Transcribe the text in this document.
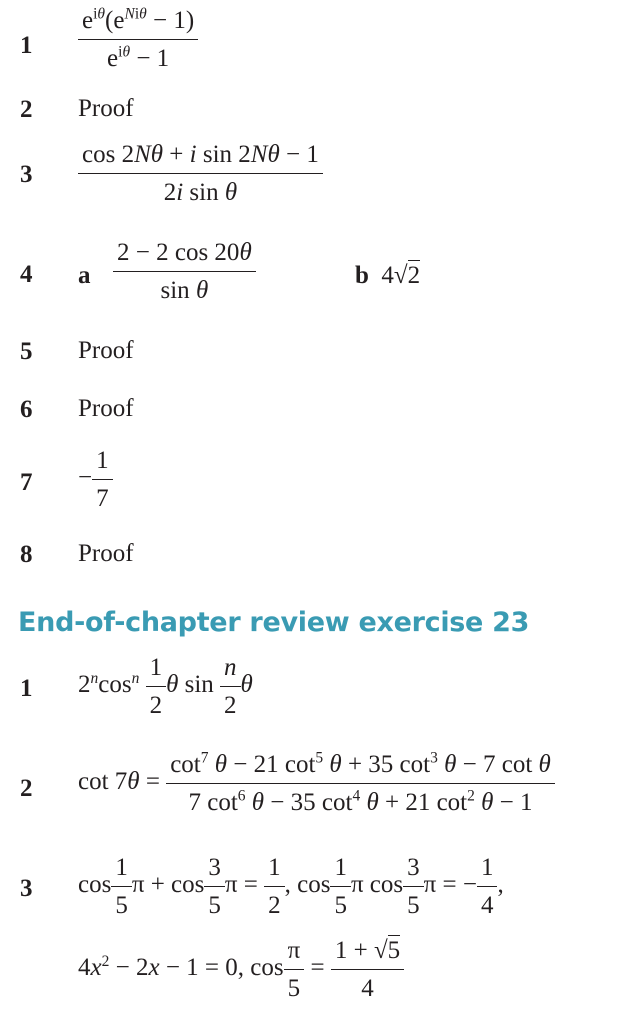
1	$\frac{e^{i\theta}(e^{Ni\theta} - 1)}{e^{i\theta} - 1}$
2	Proof
3	$\frac{\text{cos 2Nθ + i sin 2Nθ − 1}}{\text{2i sin θ}}$
4	a $\frac{2 - 2 \cos 20\theta}{\text{sin θ}}$	b  4√2
5	Proof
6	Proof
7	− $\frac{1}{7}$
8	Proof
End-of-chapter review exercise 23
1	$2^n\cos^n \frac{1}{2}$ θ $\sin \frac{n}{2}$ θ
2	$\cot 7\theta = \frac{\cot^7 \theta - 21 \cot^5 \theta + 35 \cot^3 \theta - 7 \cot \theta}{7 \cot^6 \theta - 35 \cot^4 \theta + 21 \cot^2 \theta - 1}$
3	$\cos \frac{1}{5}$ $\pi + \cos \frac{3}{5}$ $\pi = \frac{1}{2}$ , $\cos \frac{1}{5}$ π $\cos \frac{3}{5}$ π = − $\frac{1}{4}$ ,
$4x^2 - 2x - 1 = 0$, $\cos \frac{\pi}{5} = \frac{1 + √5}{4}$
